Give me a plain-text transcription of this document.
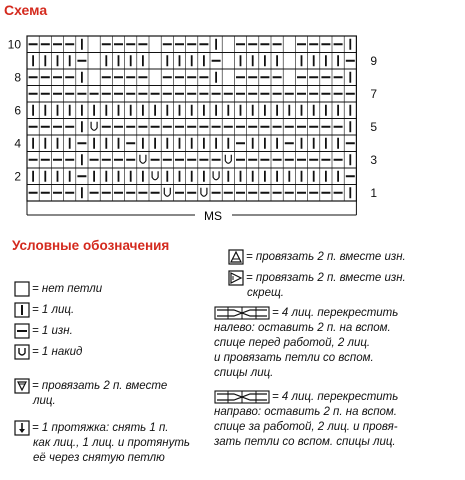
Схема
MS
10
8
6
4
2
9
7
5
3
1
Условные обозначения
= нет петли
= 1 лиц.
= 1 изн.
= 1 накид
= провязать 2 п. вместе
лиц.
= 1 протяжка: снять 1 п.
как лиц., 1 лиц. и протянуть
её через снятую петлю
= провязать 2 п. вместе изн.
= провязать 2 п. вместе изн.
скрещ.
= 4 лиц. перекрестить
налево: оставить 2 п. на вспом.
спице перед работой, 2 лиц.
и провязать петли со вспом.
спицы лиц.
= 4 лиц. перекрестить
направо: оставить 2 п. на вспом.
спице за работой, 2 лиц. и провя-
зать петли со вспом. спицы лиц.
